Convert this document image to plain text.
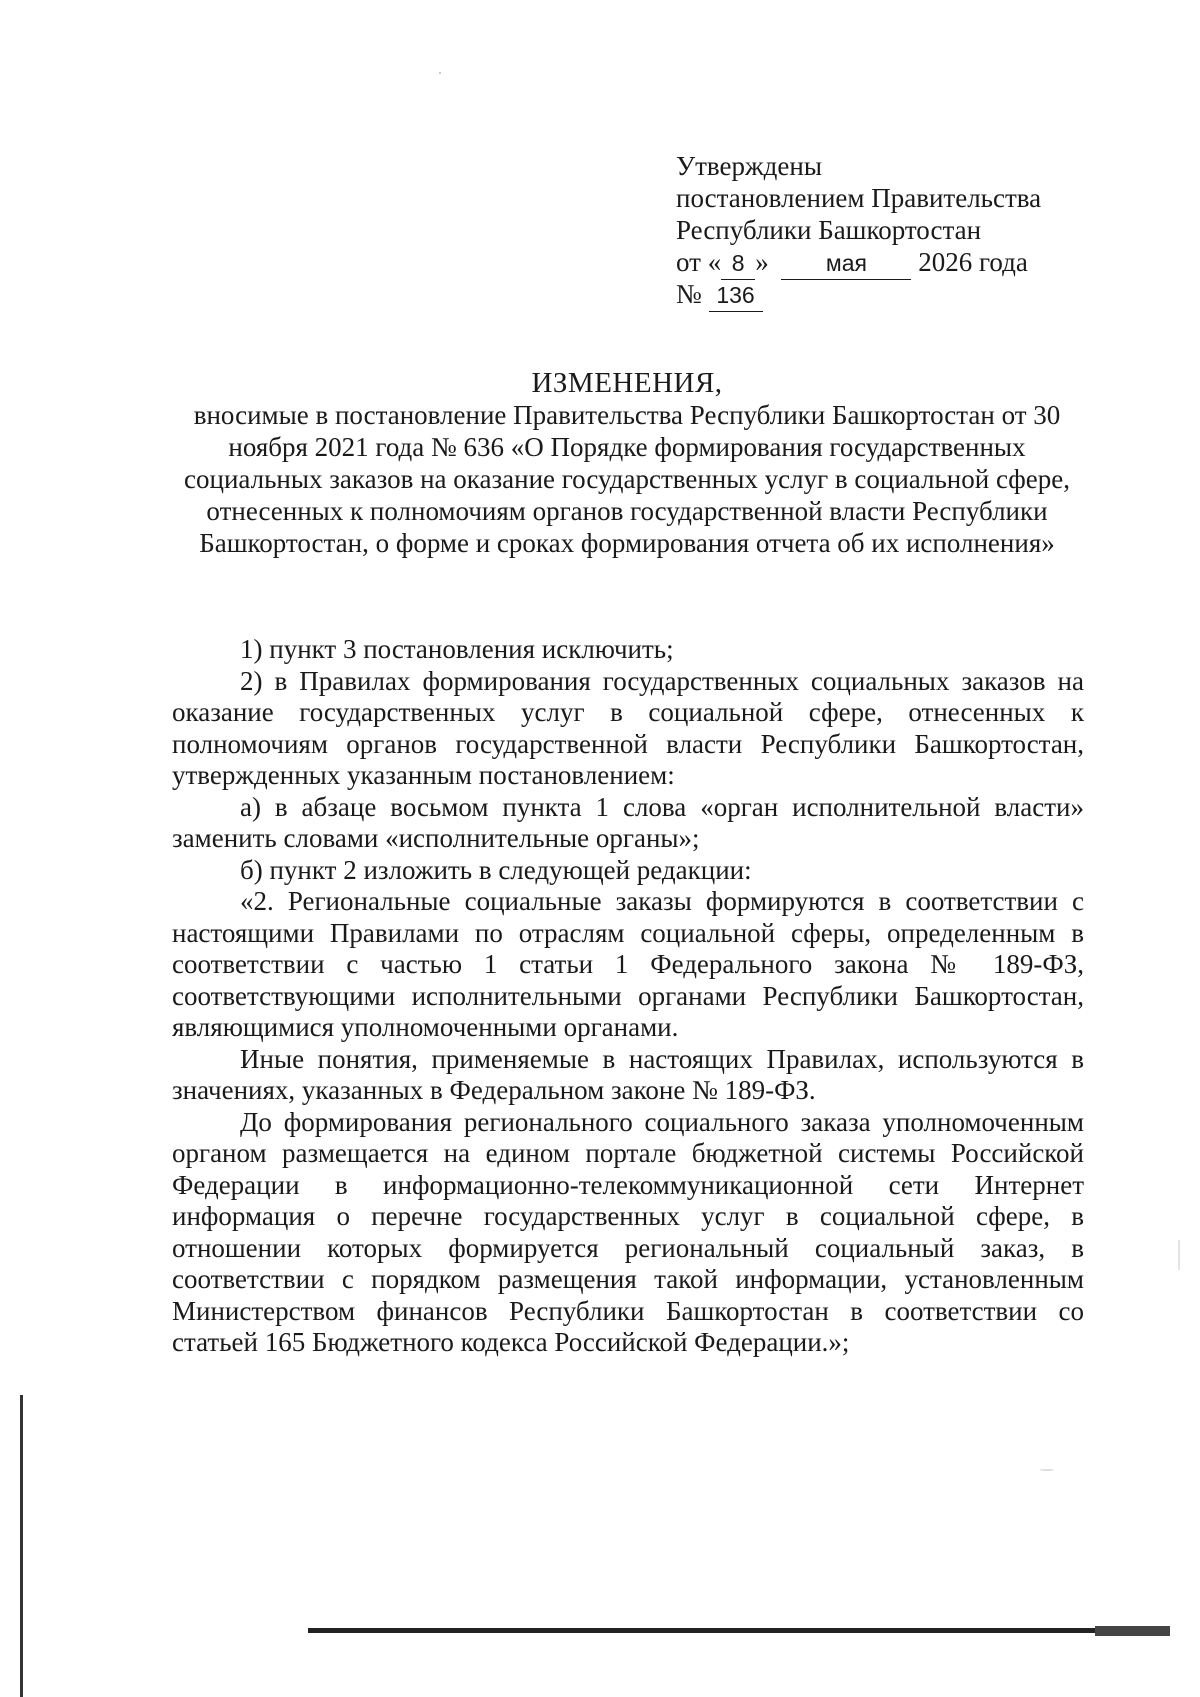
Утверждены
постановлением Правительства
Республики Башкортостан
от « 8 » мая 2026 года
№ 136
ИЗМЕНЕНИЯ,
вносимые в постановление Правительства Республики Башкортостан от 30 ноября 2021 года № 636 «О Порядке формирования государственных социальных заказов на оказание государственных услуг в социальной сфере, отнесенных к полномочиям органов государственной власти Республики Башкортостан, о форме и сроках формирования отчета об их исполнения»

1) пункт 3 постановления исключить;

2) в Правилах формирования государственных социальных заказов на оказание государственных услуг в социальной сфере, отнесенных к полномочиям органов государственной власти Республики Башкортостан, утвержденных указанным постановлением:

а) в абзаце восьмом пункта 1 слова «орган исполнительной власти» заменить словами «исполнительные органы»;

б) пункт 2 изложить в следующей редакции:

«2. Региональные социальные заказы формируются в соответствии с настоящими Правилами по отраслям социальной сферы, определенным в соответствии с частью 1 статьи 1 Федерального закона № 189-ФЗ, соответствующими исполнительными органами Республики Башкортостан, являющимися уполномоченными органами.

Иные понятия, применяемые в настоящих Правилах, используются в значениях, указанных в Федеральном законе № 189-ФЗ.

До формирования регионального социального заказа уполномоченным органом размещается на едином портале бюджетной системы Российской Федерации в информационно-телекоммуникационной сети Интернет информация о перечне государственных услуг в социальной сфере, в отношении которых формируется региональный социальный заказ, в соответствии с порядком размещения такой информации, установленным Министерством финансов Республики Башкортостан в соответствии со статьей 165 Бюджетного кодекса Российской Федерации.»;
